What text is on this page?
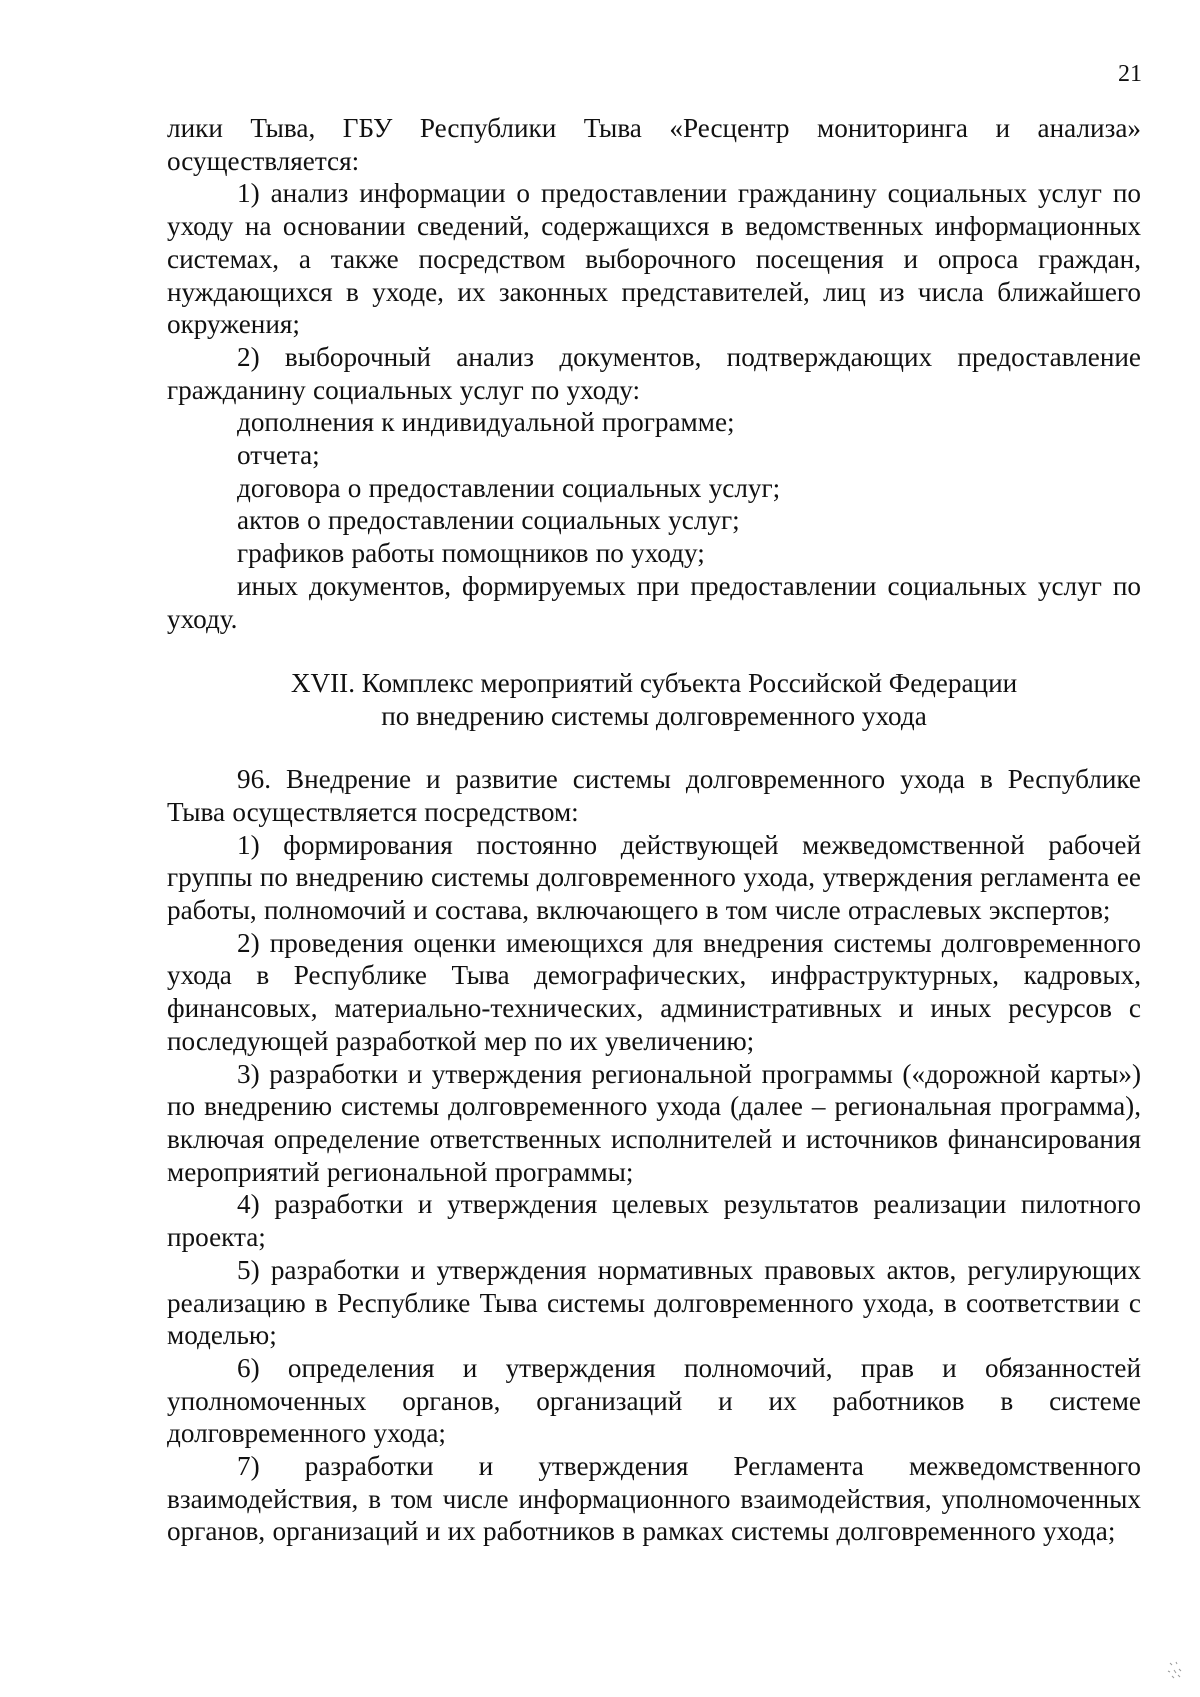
21

лики Тыва, ГБУ Республики Тыва «Ресцентр мониторинга и анализа» осуществляется:

1) анализ информации о предоставлении гражданину социальных услуг по уходу на основании сведений, содержащихся в ведомственных информационных системах, а также посредством выборочного посещения и опроса граждан, нуждающихся в уходе, их законных представителей, лиц из числа ближайшего окружения;

2) выборочный анализ документов, подтверждающих предоставление гражданину социальных услуг по уходу:

дополнения к индивидуальной программе;

отчета;

договора о предоставлении социальных услуг;

актов о предоставлении социальных услуг;

графиков работы помощников по уходу;

иных документов, формируемых при предоставлении социальных услуг по уходу.

XVII. Комплекс мероприятий субъекта Российской Федерации
по внедрению системы долговременного ухода

96. Внедрение и развитие системы долговременного ухода в Республике Тыва осуществляется посредством:

1) формирования постоянно действующей межведомственной рабочей группы по внедрению системы долговременного ухода, утверждения регламента ее работы, полномочий и состава, включающего в том числе отраслевых экспертов;

2) проведения оценки имеющихся для внедрения системы долговременного ухода в Республике Тыва демографических, инфраструктурных, кадровых, финансовых, материально-технических, административных и иных ресурсов с последующей разработкой мер по их увеличению;

3) разработки и утверждения региональной программы («дорожной карты») по внедрению системы долговременного ухода (далее – региональная программа), включая определение ответственных исполнителей и источников финансирования мероприятий региональной программы;

4) разработки и утверждения целевых результатов реализации пилотного проекта;

5) разработки и утверждения нормативных правовых актов, регулирующих реализацию в Республике Тыва системы долговременного ухода, в соответствии с моделью;

6) определения и утверждения полномочий, прав и обязанностей уполномоченных органов, организаций и их работников в системе долговременного ухода;

7) разработки и утверждения Регламента межведомственного взаимодействия, в том числе информационного взаимодействия, уполномоченных органов, организаций и их работников в рамках системы долговременного ухода;
